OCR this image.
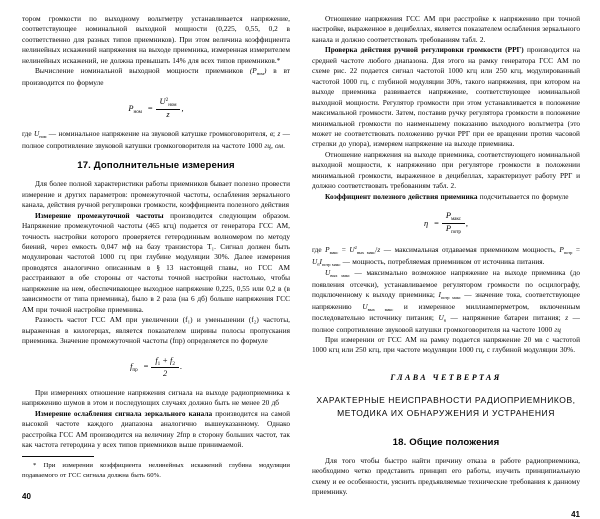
тором громкости по выходному вольтметру устанавливается напряжение, соответствующее номинальной выходной мощности (0,225, 0,55, 0,2 в соответственно для разных типов приемников). При этом величина коэффициента нелинейных искажений напряжения на выходе приемника, измеренная измерителем нелинейных искажений, не должна превышать 14% для всех типов приемников.*

Вычисление номинальной выходной мощности приемников $(P_{ном})$ в вт производится по формуле

$P_{ном} = \frac{U^2_{ном}}{z}$ ,

где $U_{ном}$ — номинальное напряжение на звуковой катушке громкоговорителя, в; z — полное сопротивление звуковой катушки громкоговорителя на частоте 1000 гц, ом.

17. Дополнительные измерения

Для более полной характеристики работы приемников бывает полезно провести измерение и других параметров: промежуточной частоты, ослабления зеркального канала, действия ручной регулировки громкости, коэффициента полезного действия

Измерение промежуточной частоты производится следующим образом. Напряжение промежуточной частоты (465 кгц) подается от генератора ГСС АМ, точность настройки которого проверяется гетеродинным волномером по методу биений, через емкость 0,047 мф на базу транзистора Т₁. Сигнал должен быть модулирован частотой 1000 гц при глубине модуляции 30%. Далее измерения проводятся аналогично описанным в § 13 настоящей главы, но ГСС АМ расстраивают в обе стороны от частоты точной настройки настолько, чтобы напряжение на нем, обеспечивающее выходное напряжение 0,225, 0,55 или 0,2 в (в зависимости от типа приемника), было в 2 раза (на 6 дб) больше напряжения ГСС АМ при точной настройке приемника.

Разность частот ГСС АМ при увеличении (f₁) и уменьшении (f₂) частоты, выраженная в килогерцах, является показателем ширины полосы пропускания приемника. Значение промежуточной частоты (fпр) определяется по формуле

$f_{пр} = \frac{f_1 + f_2}{2}$ .

При измерениях отношение напряжения сигнала на выходе радиоприемника к напряжению шумов в этом и последующих случаях должно быть не менее 20 дб

Измерение ослабления сигнала зеркального канала производится на самой высокой частоте каждого диапазона аналогично вышеуказанному. Однако расстройка ГСС АМ производится на величину 2fпр в сторону больших частот, так как частота гетеродина у всех типов приемников выше принимаемой.

* При измерении коэффициента нелинейных искажений глубина модуляции подаваемого от ГСС сигнала должна быть 60%.

40

Отношение напряжения ГСС АМ при расстройке к напряжению при точной настройке, выраженное в децибеллах, является показателем ослабления зеркального канала и должно соответствовать требованиям табл. 2.

Проверка действия ручной регулировки громкости (РРГ) производится на средней частоте любого диапазона. Для этого на рамку генератора ГСС АМ по схеме рис. 22 подается сигнал частотой 1000 кгц или 250 кгц, модулированный частотой 1000 гц, с глубиной модуляции 30%, такого напряжения, при котором на выходе приемника развивается напряжение, соответствующее номинальной выходной мощности. Регулятор громкости при этом устанавливается в положение максимальной громкости. Затем, поставив ручку регулятора громкости в положение минимальной громкости по наименьшему показанию выходного вольтметра (это может не соответствовать положению ручки РРГ при ее вращении против часовой стрелки до упора), измеряем напряжение на выходе приемника.

Отношение напряжения на выходе приемника, соответствующего номинальной выходной мощности, к напряжению при регуляторе громкости в положении минимальной громкости, выраженное в децибеллах, характеризует работу РРГ и должно соответствовать требованиям табл. 2.

Коэффициент полезного действия приемника подсчитывается по формуле

$\eta = \frac{P_{макс}}{P_{потр}}$ ,

где $P_{макс} = U^2_{вых макс}/z$ — максимальная отдаваемая приемником мощность, $P_{потр} = U_бI_{потр макс}$ — мощность, потребляемая приемником от источника питания.

$U_{вых макс}$ — максимально возможное напряжение на выходе приемника (до появления отсечки), устанавливаемое регулятором громкости по осцилографу, подключенному к выходу приемника; $I_{потр макс}$ — значение тока, соответствующее напряжению $U_{вых макс}$ и измеренное миллиамперметром, включенным последовательно источнику питания; $U_б$ — напряжение батареи питания; z — полное сопротивление звуковой катушки громкоговорителя на частоте 1000 гц

При измерении от ГСС АМ на рамку подается напряжение 20 мв с частотой 1000 кгц или 250 кгц, при частоте модуляции 1000 гц, с глубиной модуляции 30%.

ГЛАВА ЧЕТВЕРТАЯ
ХАРАКТЕРНЫЕ НЕИСПРАВНОСТИ РАДИОПРИЕМНИКОВ,
МЕТОДИКА ИХ ОБНАРУЖЕНИЯ И УСТРАНЕНИЯ
18. Общие положения

Для того чтобы быстро найти причину отказа в работе радиоприемника, необходимо четко представить принцип его работы, изучить принципиальную схему и ее особенности, уяснить предъявляемые технические требования к данному приемнику.

41
